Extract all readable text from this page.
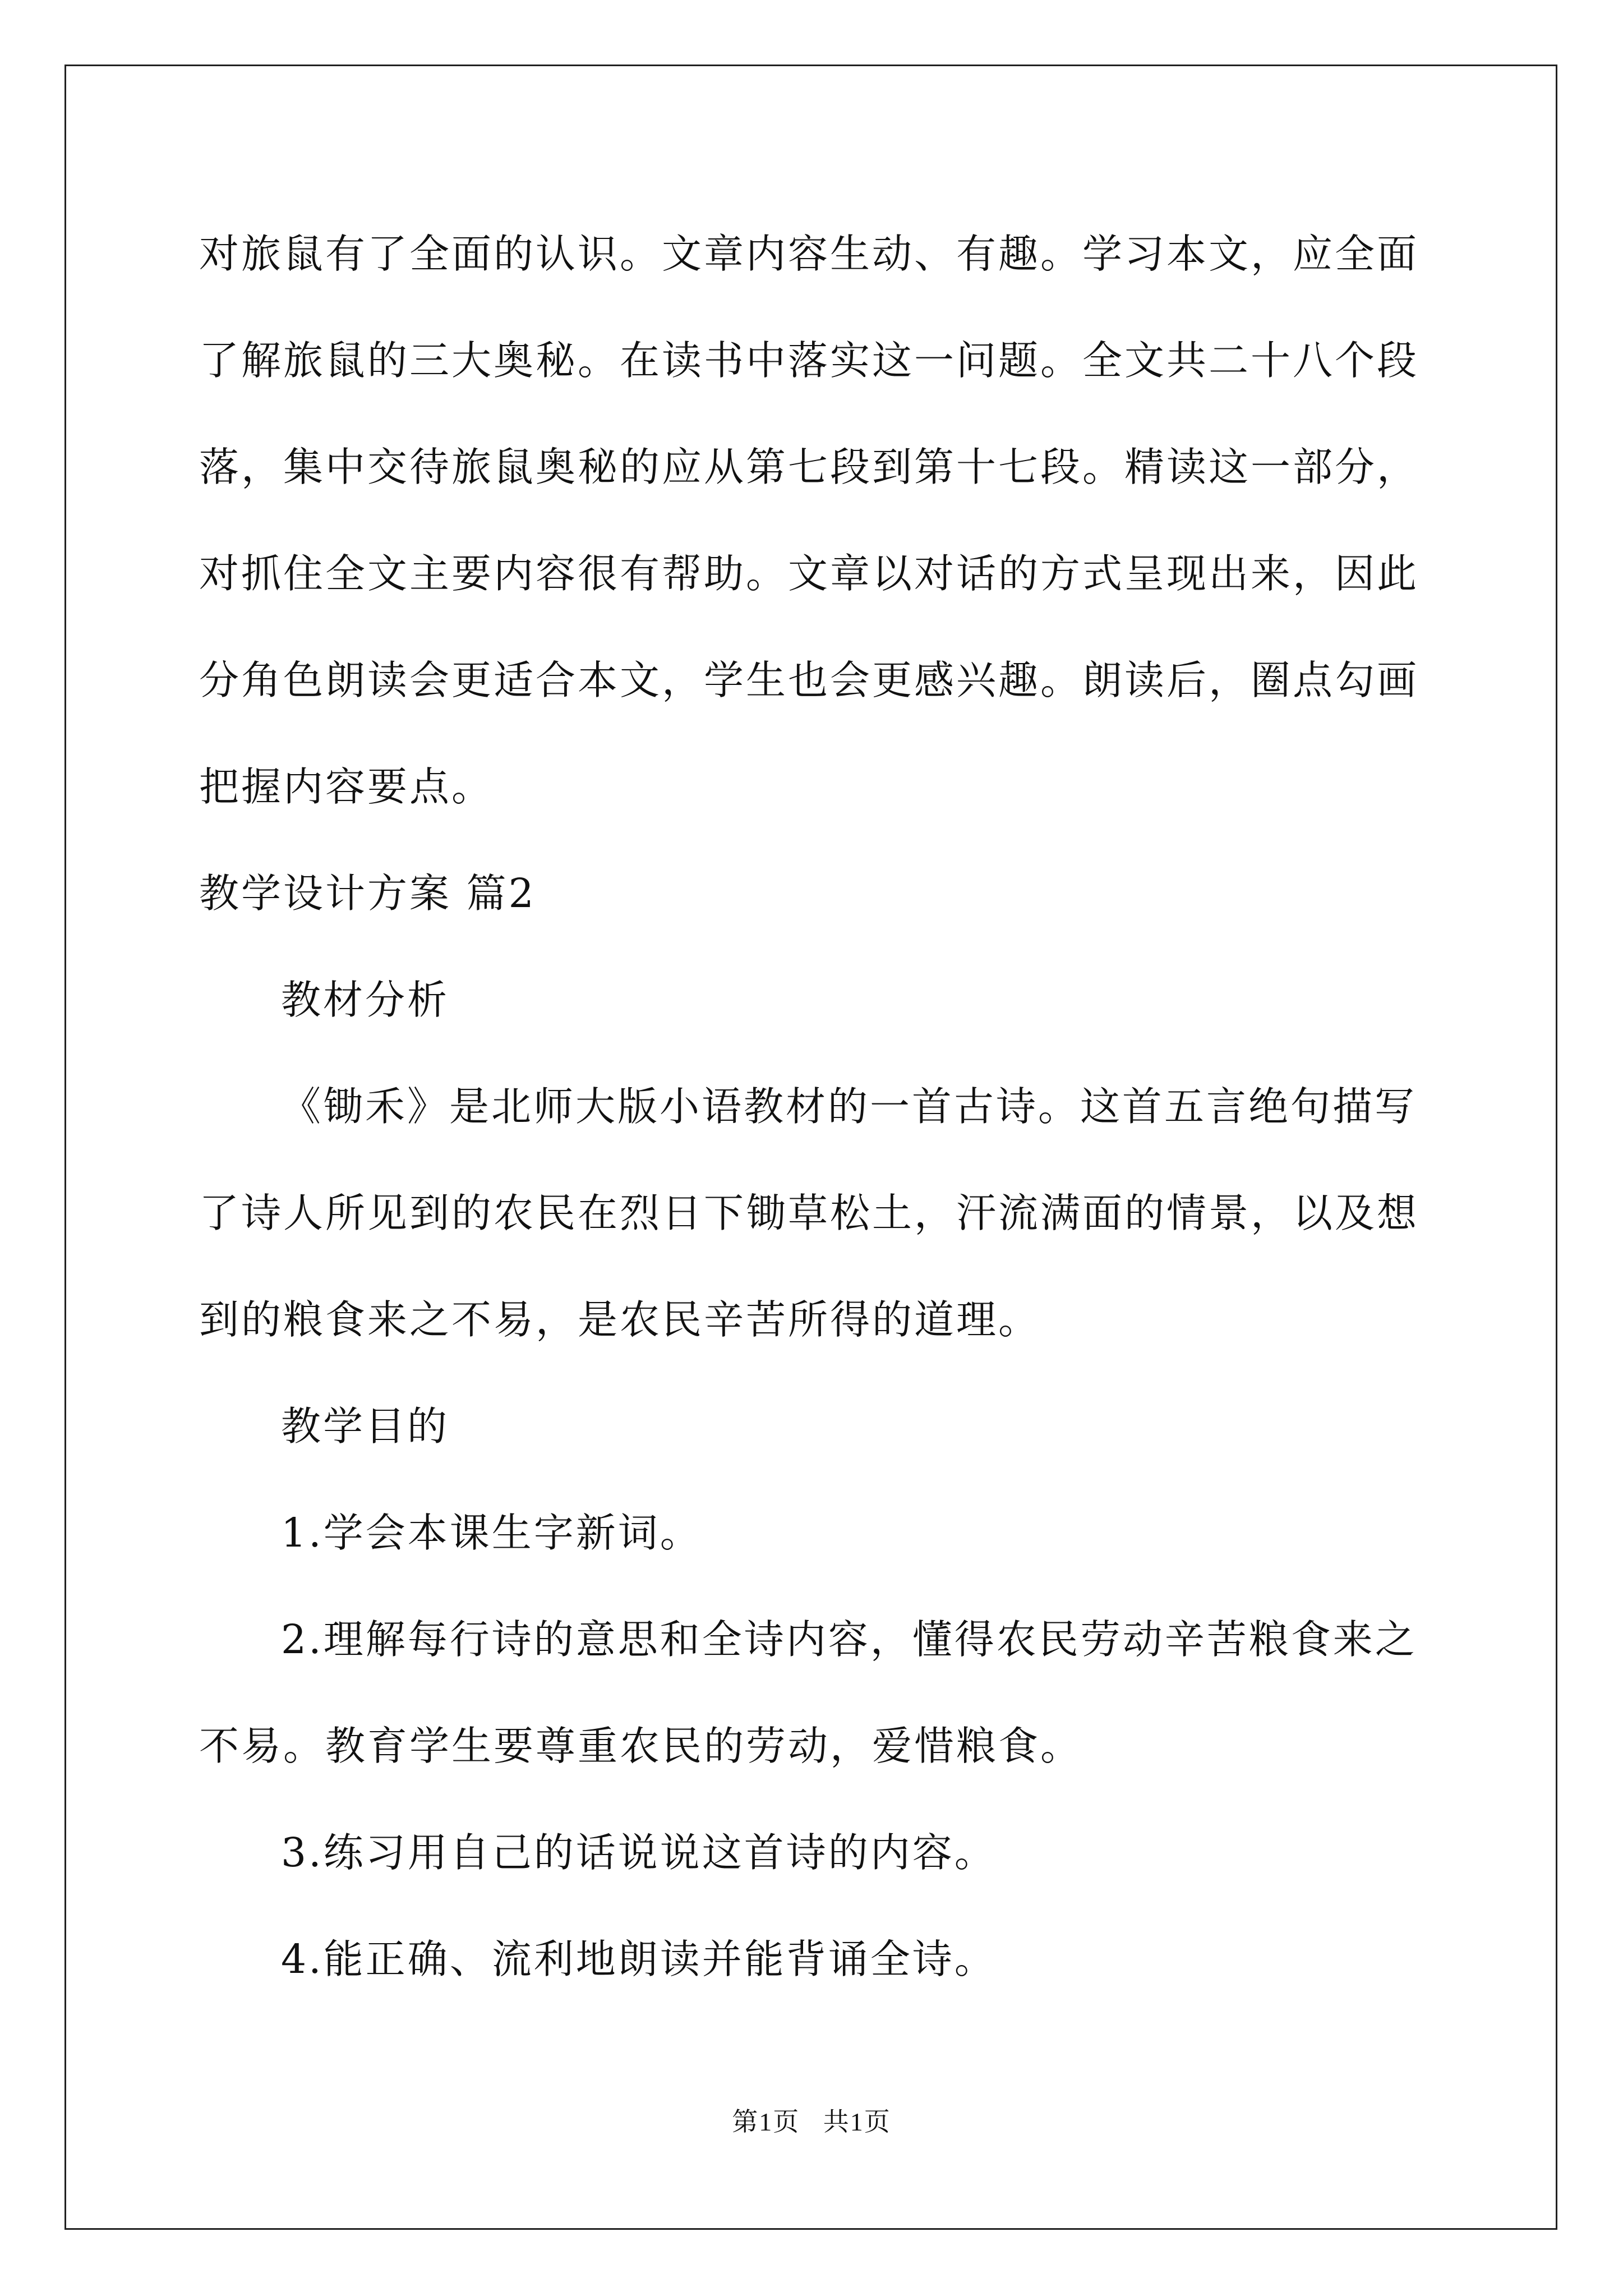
对旅鼠有了全面的认识。文章内容生动、有趣。学习本文，应全面了解旅鼠的三大奥秘。在读书中落实这一问题。全文共二十八个段落，集中交待旅鼠奥秘的应从第七段到第十七段。精读这一部分，对抓住全文主要内容很有帮助。文章以对话的方式呈现出来，因此分角色朗读会更适合本文，学生也会更感兴趣。朗读后，圈点勾画把握内容要点。

教学设计方案 篇2

教材分析

《锄禾》是北师大版小语教材的一首古诗。这首五言绝句描写了诗人所见到的农民在烈日下锄草松土，汗流满面的情景，以及想到的粮食来之不易，是农民辛苦所得的道理。

教学目的

1.学会本课生字新词。

2.理解每行诗的意思和全诗内容，懂得农民劳动辛苦粮食来之不易。教育学生要尊重农民的劳动，爱惜粮食。

3.练习用自己的话说说这首诗的内容。

4.能正确、流利地朗读并能背诵全诗。

第1页 共1页
